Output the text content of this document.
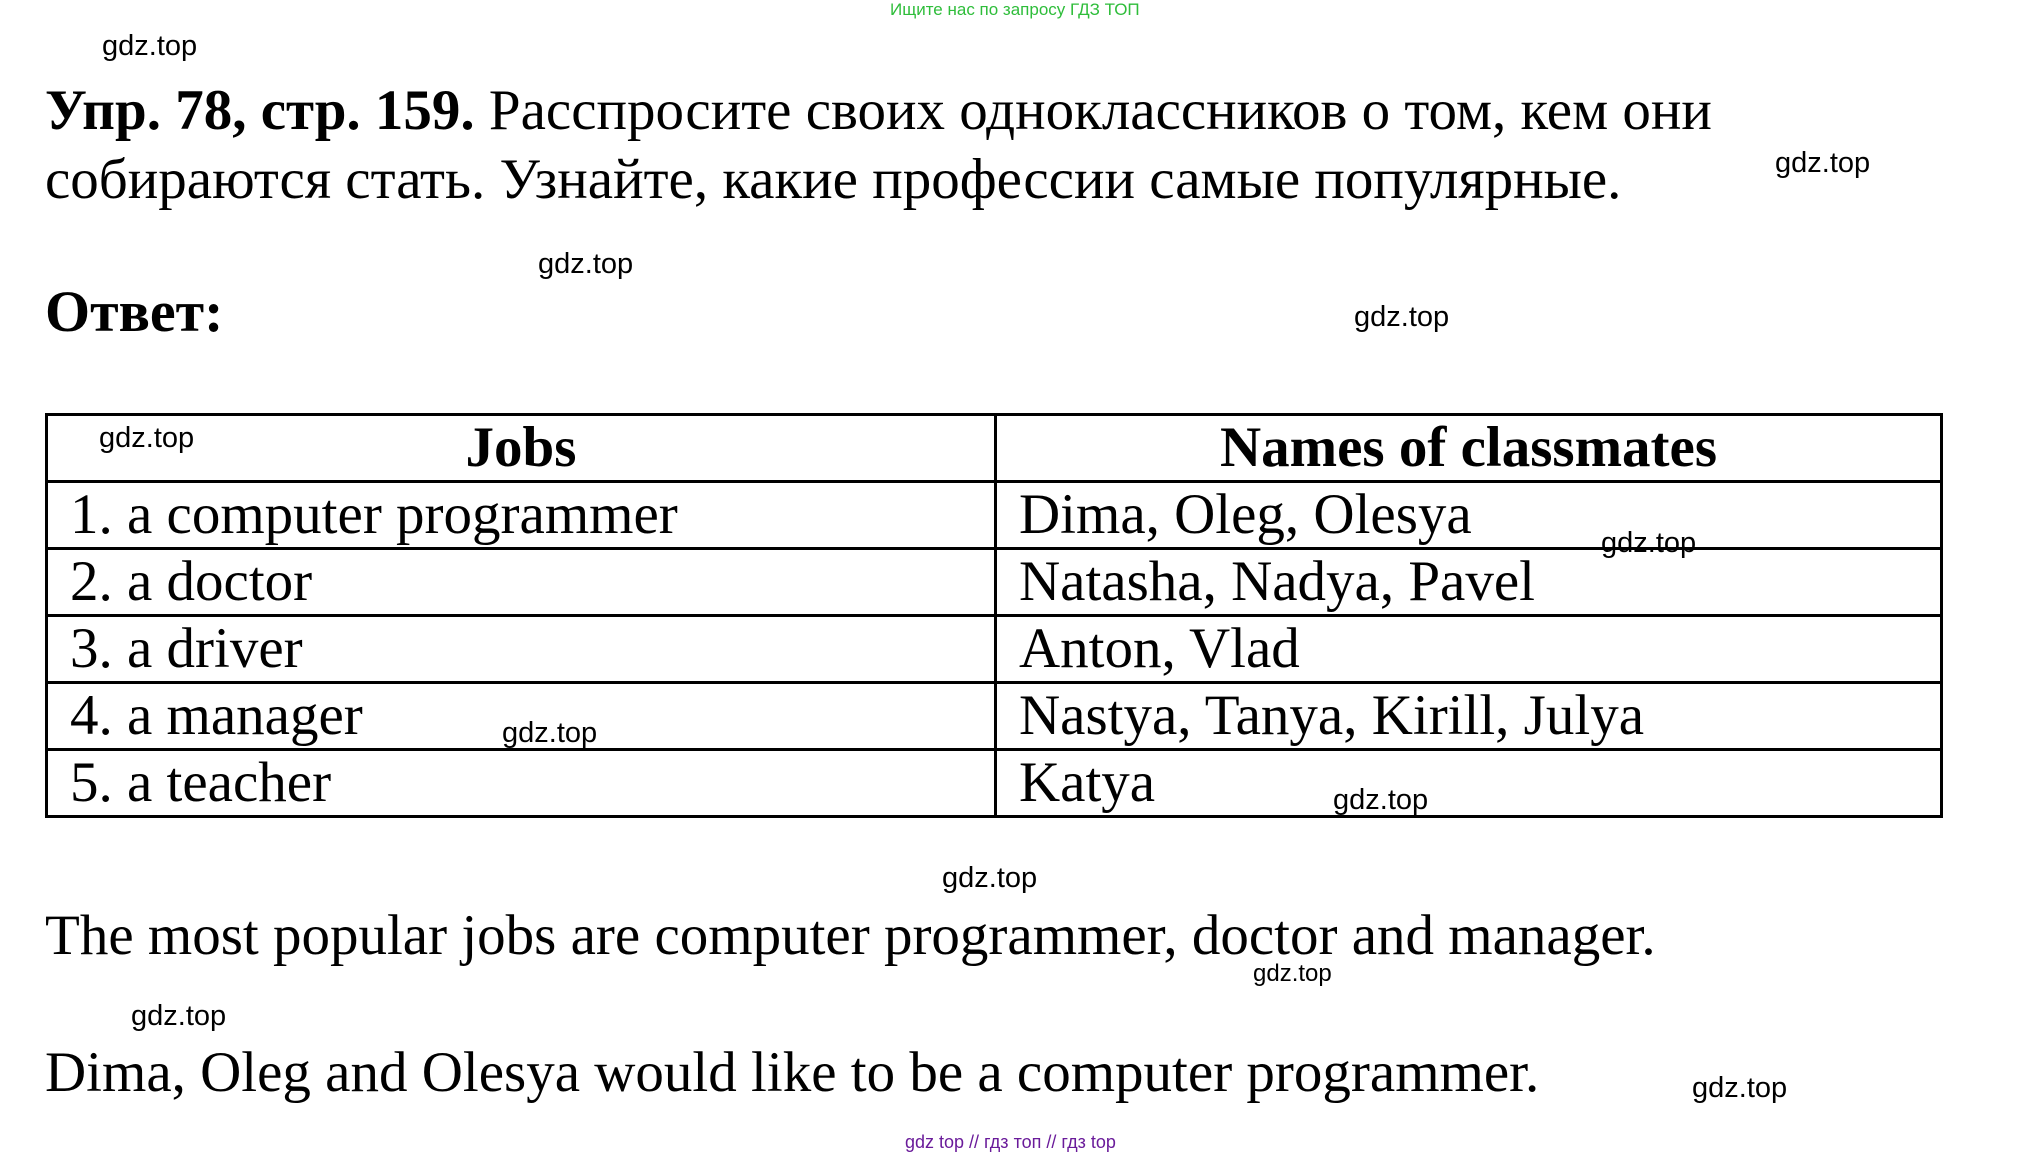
Ищите нас по запросу ГДЗ ТОП
gdz.top
Упр. 78, стр. 159. Расспросите своих одноклассников о том, кем они
собираются стать. Узнайте, какие профессии самые популярные.	gdz.top
gdz.top
Ответ:	gdz.top
Jobs	Names of classmates
1. a computer programmer	Dima, Oleg, Olesya
2. a doctor	Natasha, Nadya, Pavel
3. a driver	Anton, Vlad
4. a manager	Nastya, Tanya, Kirill, Julya
5. a teacher	Katya
gdz.top
gdz.top
gdz.top
gdz.top
gdz.top
The most popular jobs are computer programmer, doctor and manager.
gdz.top
gdz.top
Dima, Oleg and Olesya would like to be a computer programmer.	gdz.top
gdz top // гдз топ // гдз top
